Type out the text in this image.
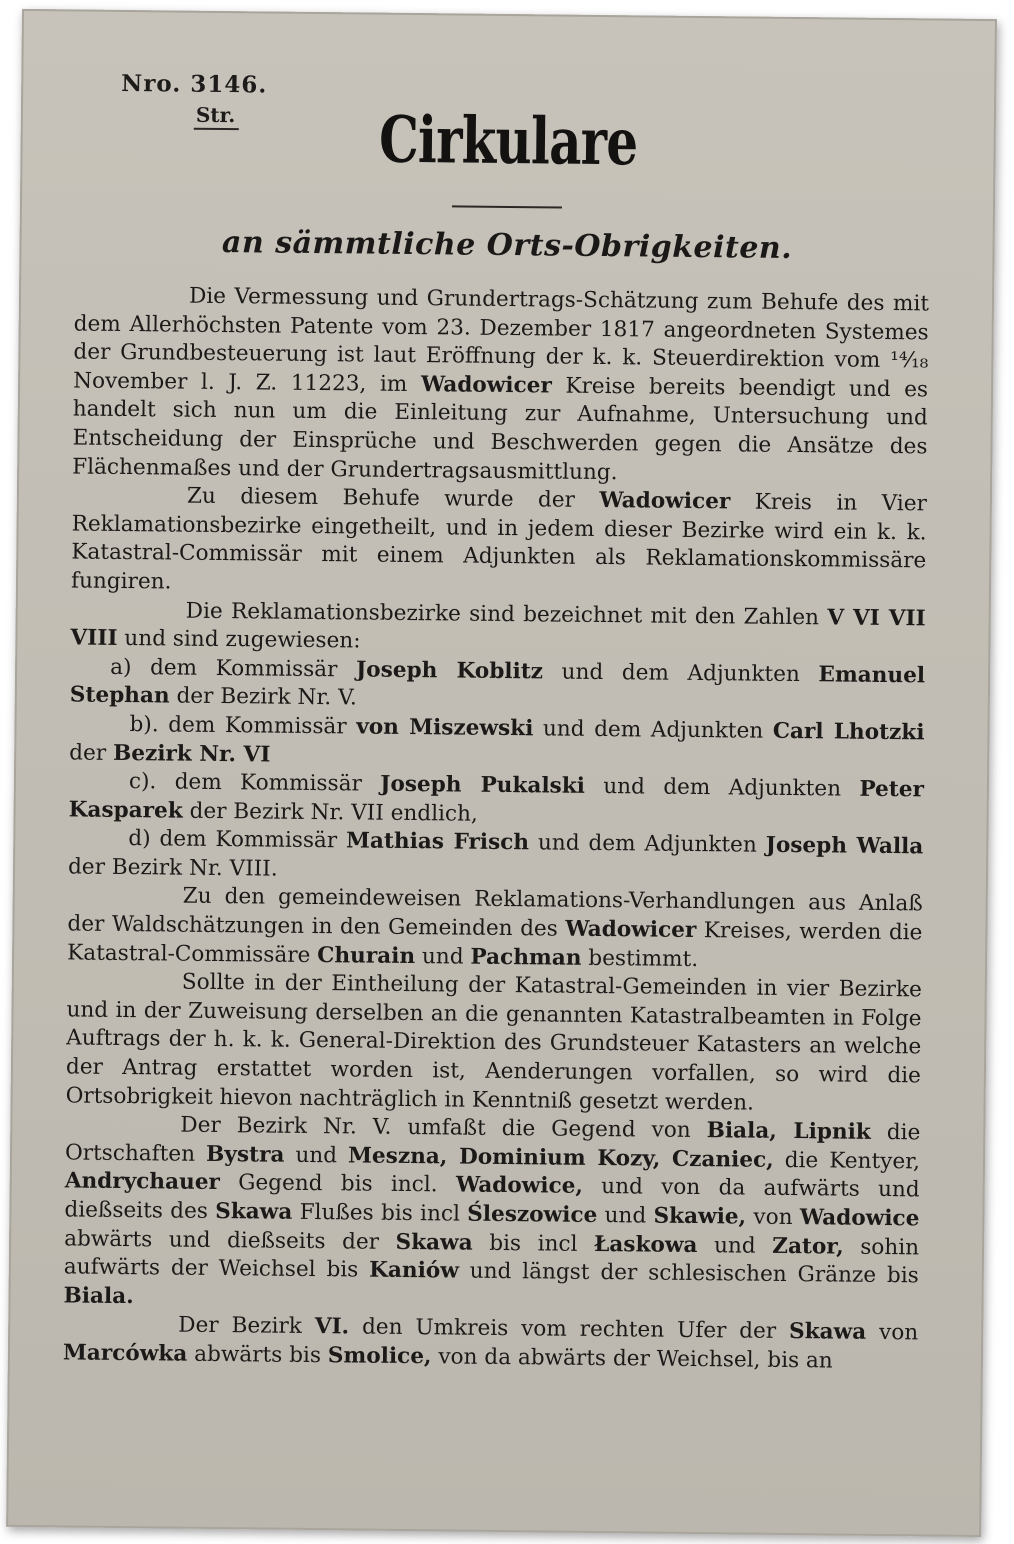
Nro. 3146.
Str.	Cirkulare
an sämmtliche Orts-Obrigkeiten.

Die Vermessung und Grundertrags-Schätzung zum Behufe des mit dem Allerhöchsten Patente vom 23. Dezember 1817 angeordneten Systemes der Grundbesteuerung ist laut Eröffnung der k. k. Steuerdirektion vom ¹⁴⁄₁₈ November l. J. Z. 11223, im Wadowicer Kreise bereits beendigt und es handelt sich nun um die Einleitung zur Aufnahme, Untersuchung und Entscheidung der Einsprüche und Beschwerden gegen die Ansätze des Flächenmaßes und der Grundertragsausmittlung.

Zu diesem Behufe wurde der Wadowicer Kreis in Vier Reklamationsbezirke eingetheilt, und in jedem dieser Bezirke wird ein k. k. Katastral-Commissär mit einem Adjunkten als Reklamationskommissäre fungiren.

Die Reklamationsbezirke sind bezeichnet mit den Zahlen V VI VII VIII und sind zugewiesen:

a) dem Kommissär Joseph Koblitz und dem Adjunkten Emanuel Stephan der Bezirk Nr. V.

b). dem Kommissär von Miszewski und dem Adjunkten Carl Lhotzki der Bezirk Nr. VI

c). dem Kommissär Joseph Pukalski und dem Adjunkten Peter Kasparek der Bezirk Nr. VII endlich,

d) dem Kommissär Mathias Frisch und dem Adjunkten Joseph Walla der Bezirk Nr. VIII.

Zu den gemeindeweisen Reklamations-Verhandlungen aus Anlaß der Waldschätzungen in den Gemeinden des Wadowicer Kreises, werden die Katastral-Commissäre Churain und Pachman bestimmt.

Sollte in der Eintheilung der Katastral-Gemeinden in vier Bezirke und in der Zuweisung derselben an die genannten Katastralbeamten in Folge Auftrags der h. k. k. General-Direktion des Grundsteuer Katasters an welche der Antrag erstattet worden ist, Aenderungen vorfallen, so wird die Ortsobrigkeit hievon nachträglich in Kenntniß gesetzt werden.

Der Bezirk Nr. V. umfaßt die Gegend von Biala, Lipnik die Ortschaften Bystra und Meszna, Dominium Kozy, Czaniec, die Kentyer, Andrychauer Gegend bis incl. Wadowice, und von da aufwärts und dießseits des Skawa Flußes bis incl Śleszowice und Skawie, von Wadowice abwärts und dießseits der Skawa bis incl Łaskowa und Zator, sohin aufwärts der Weichsel bis Kaniów und längst der schlesischen Gränze bis Biala.

Der Bezirk VI. den Umkreis vom rechten Ufer der Skawa von Marcówka abwärts bis Smolice, von da abwärts der Weichsel, bis an
